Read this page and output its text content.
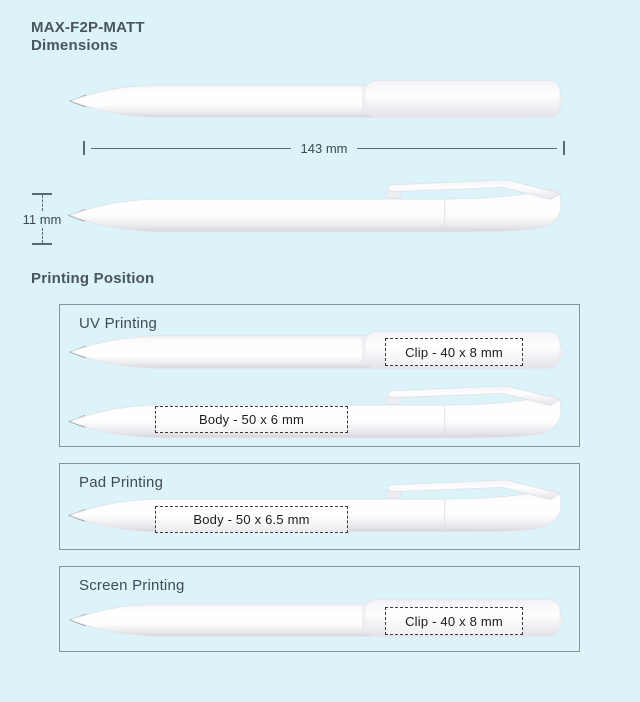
MAX-F2P-MATT
Dimensions
143 mm
11 mm
Printing Position
UV Printing
Clip - 40 x 8 mm
Body - 50 x 6 mm
Pad Printing
Body - 50 x 6.5 mm
Screen Printing
Clip - 40 x 8 mm
